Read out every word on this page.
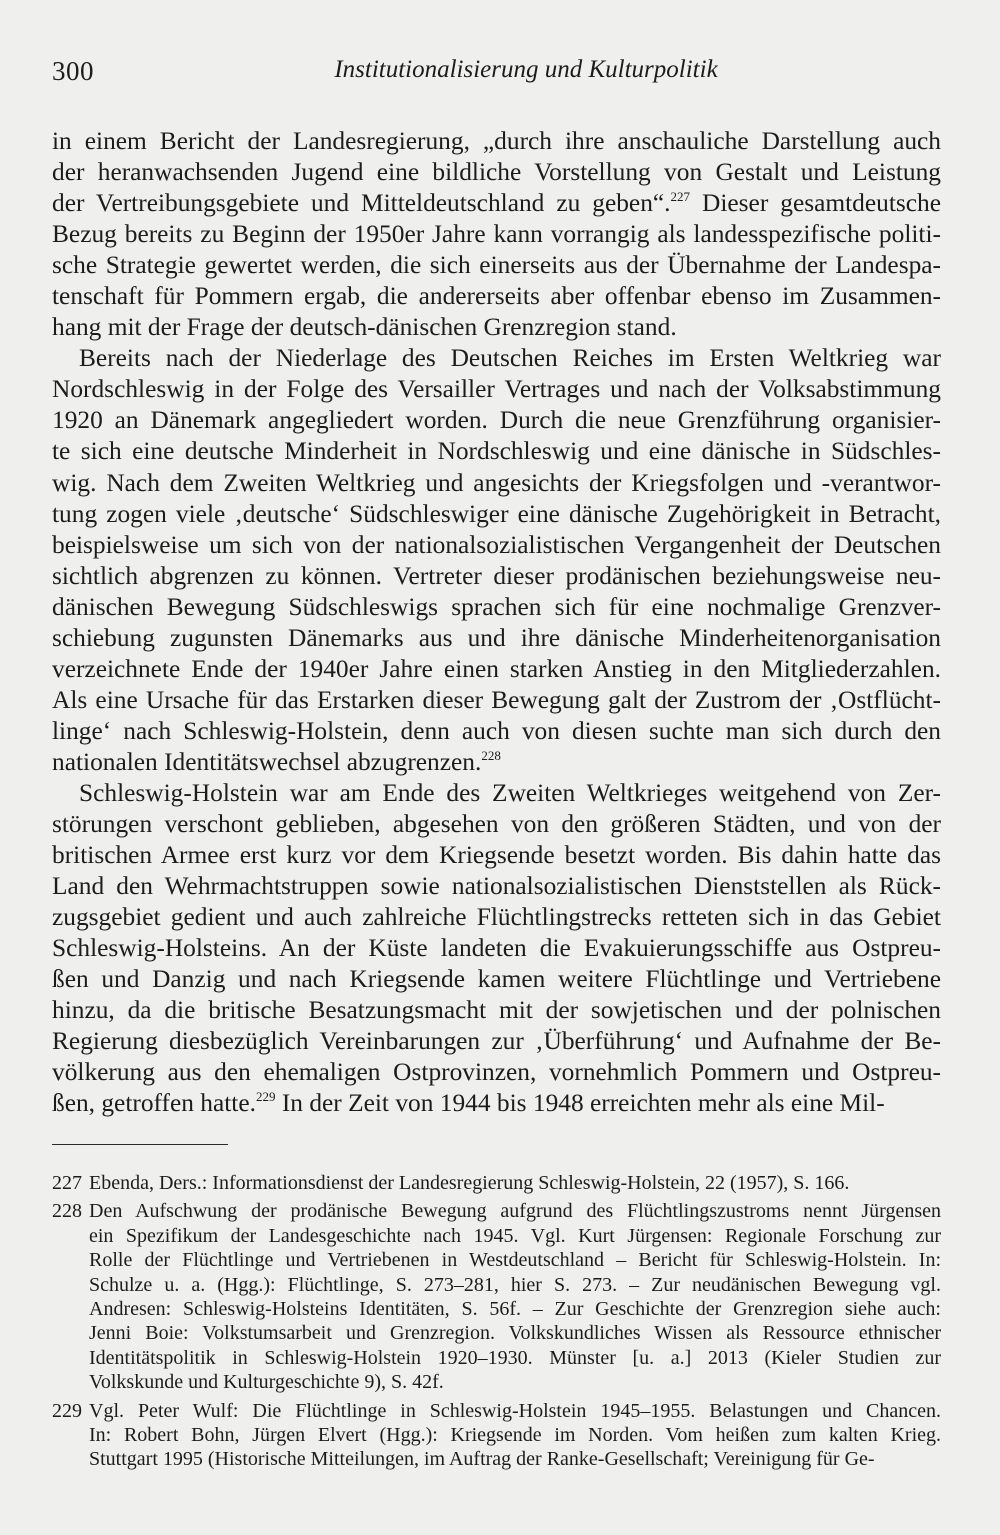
300	Institutionalisierung und Kulturpolitik
in einem Bericht der Landesregierung, „durch ihre anschauliche Darstellung auch
der heranwachsenden Jugend eine bildliche Vorstellung von Gestalt und Leistung
der Vertreibungsgebiete und Mitteldeutschland zu geben“.$^{227}$ Dieser gesamtdeutsche
Bezug bereits zu Beginn der 1950er Jahre kann vorrangig als landesspezifische politi-
sche Strategie gewertet werden, die sich einerseits aus der Übernahme der Landespa-
tenschaft für Pommern ergab, die andererseits aber offenbar ebenso im Zusammen-
hang mit der Frage der deutsch-dänischen Grenzregion stand.
Bereits nach der Niederlage des Deutschen Reiches im Ersten Weltkrieg war
Nordschleswig in der Folge des Versailler Vertrages und nach der Volksabstimmung
1920 an Dänemark angegliedert worden. Durch die neue Grenzführung organisier-
te sich eine deutsche Minderheit in Nordschleswig und eine dänische in Südschles-
wig. Nach dem Zweiten Weltkrieg und angesichts der Kriegsfolgen und -verantwor-
tung zogen viele ‚deutsche‘ Südschleswiger eine dänische Zugehörigkeit in Betracht,
beispielsweise um sich von der nationalsozialistischen Vergangenheit der Deutschen
sichtlich abgrenzen zu können. Vertreter dieser prodänischen beziehungsweise neu-
dänischen Bewegung Südschleswigs sprachen sich für eine nochmalige Grenzver-
schiebung zugunsten Dänemarks aus und ihre dänische Minderheitenorganisation
verzeichnete Ende der 1940er Jahre einen starken Anstieg in den Mitgliederzahlen.
Als eine Ursache für das Erstarken dieser Bewegung galt der Zustrom der ‚Ostflücht-
linge‘ nach Schleswig-Holstein, denn auch von diesen suchte man sich durch den
nationalen Identitätswechsel abzugrenzen.$^{228}$
Schleswig-Holstein war am Ende des Zweiten Weltkrieges weitgehend von Zer-
störungen verschont geblieben, abgesehen von den größeren Städten, und von der
britischen Armee erst kurz vor dem Kriegsende besetzt worden. Bis dahin hatte das
Land den Wehrmachtstruppen sowie nationalsozialistischen Dienststellen als Rück-
zugsgebiet gedient und auch zahlreiche Flüchtlingstrecks retteten sich in das Gebiet
Schleswig-Holsteins. An der Küste landeten die Evakuierungsschiffe aus Ostpreu-
ßen und Danzig und nach Kriegsende kamen weitere Flüchtlinge und Vertriebene
hinzu, da die britische Besatzungsmacht mit der sowjetischen und der polnischen
Regierung diesbezüglich Vereinbarungen zur ‚Überführung‘ und Aufnahme der Be-
völkerung aus den ehemaligen Ostprovinzen, vornehmlich Pommern und Ostpreu-
ßen, getroffen hatte.$^{229}$ In der Zeit von 1944 bis 1948 erreichten mehr als eine Mil-
227 Ebenda, Ders.: Informationsdienst der Landesregierung Schleswig-Holstein, 22 (1957), S. 166.
228 Den Aufschwung der prodänische Bewegung aufgrund des Flüchtlingszustroms nennt Jürgensen
ein Spezifikum der Landesgeschichte nach 1945. Vgl. Kurt Jürgensen: Regionale Forschung zur
Rolle der Flüchtlinge und Vertriebenen in Westdeutschland – Bericht für Schleswig-Holstein. In:
Schulze u. a. (Hgg.): Flüchtlinge, S. 273–281, hier S. 273. – Zur neudänischen Bewegung vgl.
Andresen: Schleswig-Holsteins Identitäten, S. 56f. – Zur Geschichte der Grenzregion siehe auch:
Jenni Boie: Volkstumsarbeit und Grenzregion. Volkskundliches Wissen als Ressource ethnischer
Identitätspolitik in Schleswig-Holstein 1920–1930. Münster [u. a.] 2013 (Kieler Studien zur
Volkskunde und Kulturgeschichte 9), S. 42f.
229 Vgl. Peter Wulf: Die Flüchtlinge in Schleswig-Holstein 1945–1955. Belastungen und Chancen.
In: Robert Bohn, Jürgen Elvert (Hgg.): Kriegsende im Norden. Vom heißen zum kalten Krieg.
Stuttgart 1995 (Historische Mitteilungen, im Auftrag der Ranke-Gesellschaft; Vereinigung für Ge-
